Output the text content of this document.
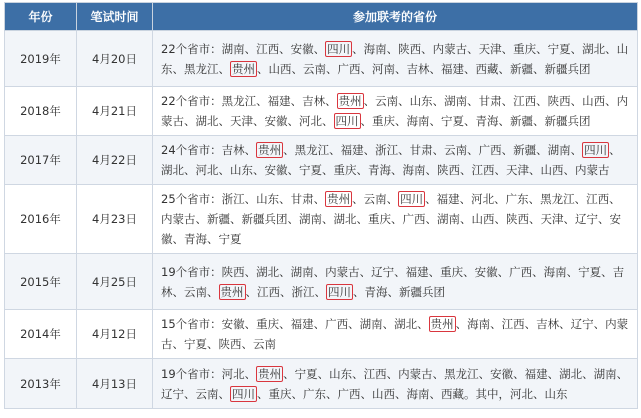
年份	笔试时间	参加联考的省份
2019年	4月20日	22个省市：湖南、江西、安徽、 四川 、海南、陕西、内蒙古、天津、重庆、宁夏、湖北、山东、黑龙江、 贵州 、山西、云南、广西、河南、吉林、福建、西藏、新疆、新疆兵团
2018年	4月21日	22个省市：黑龙江、福建、吉林、 贵州 、云南、山东、湖南、甘肃、江西、陕西、山西、内蒙古、湖北、天津、安徽、河北、 四川 、重庆、海南、宁夏、青海、新疆、新疆兵团
2017年	4月22日	24个省市：吉林、 贵州 、黑龙江、福建、浙江、甘肃、云南、广西、新疆、湖南、 四川 、湖北、河北、山东、安徽、宁夏、重庆、青海、海南、陕西、江西、天津、山西、内蒙古
2016年	4月23日	25个省市：浙江、山东、甘肃、 贵州 、云南、 四川 、福建、河北、广东、黑龙江、江西、内蒙古、新疆、新疆兵团、湖南、湖北、重庆、广西、湖南、山西、陕西、天津、辽宁、安徽、青海、宁夏
2015年	4月25日	19个省市：陕西、湖北、湖南、内蒙古、辽宁、福建、重庆、安徽、广西、海南、宁夏、吉林、云南、 贵州 、江西、浙江、 四川 、青海、新疆兵团
2014年	4月12日	15个省市：安徽、重庆、福建、广西、湖南、湖北、 贵州 、海南、江西、吉林、辽宁、内蒙古、宁夏、陕西、云南
2013年	4月13日	19个省市：河北、 贵州 、宁夏、山东、江西、内蒙古、黑龙江、安徽、福建、湖北、湖南、辽宁、云南、 四川 、重庆、广东、广西、山西、海南、西藏。其中，河北、山东
